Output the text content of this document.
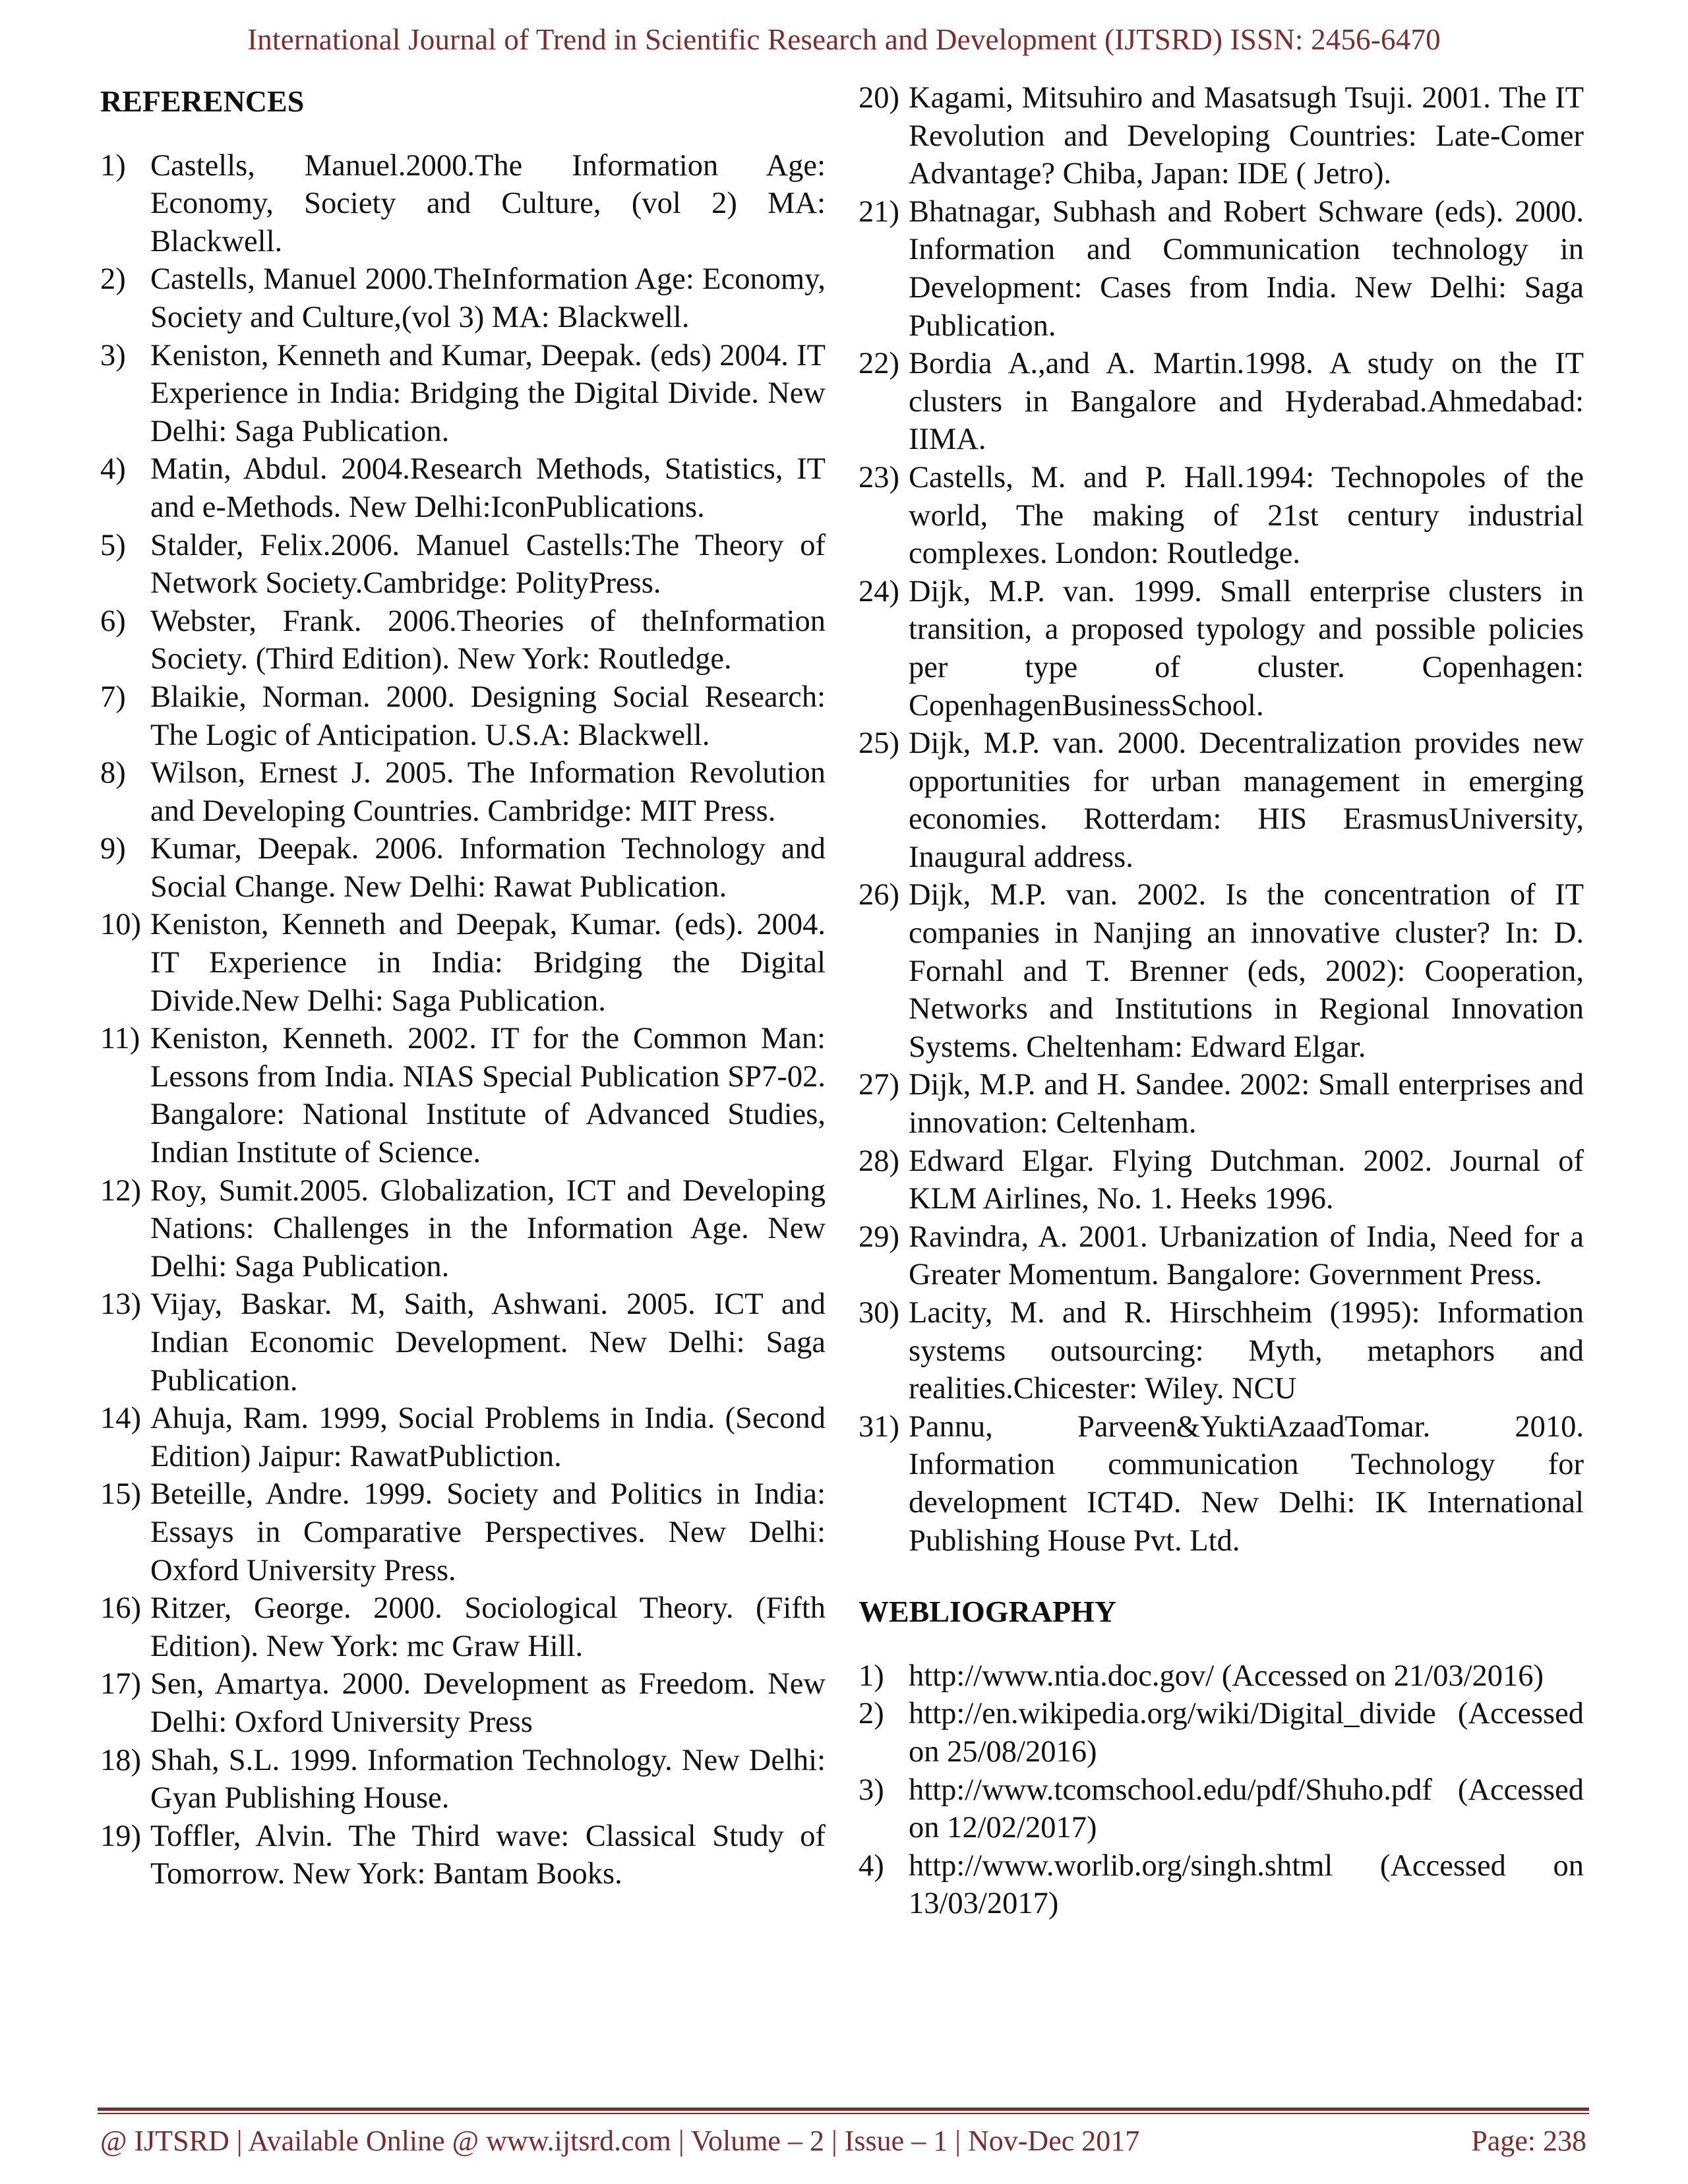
International Journal of Trend in Scientific Research and Development (IJTSRD) ISSN: 2456-6470
REFERENCES
1) Castells, Manuel.2000.The Information Age: Economy, Society and Culture, (vol 2) MA: Blackwell.
2) Castells, Manuel 2000.TheInformation Age: Economy, Society and Culture,(vol 3) MA: Blackwell.
3) Keniston, Kenneth and Kumar, Deepak. (eds) 2004. IT Experience in India: Bridging the Digital Divide. New Delhi: Saga Publication.
4) Matin, Abdul. 2004.Research Methods, Statistics, IT and e-Methods. New Delhi:IconPublications.
5) Stalder, Felix.2006. Manuel Castells:The Theory of Network Society.Cambridge: PolityPress.
6) Webster, Frank. 2006.Theories of theInformation Society. (Third Edition). New York: Routledge.
7) Blaikie, Norman. 2000. Designing Social Research: The Logic of Anticipation. U.S.A: Blackwell.
8) Wilson, Ernest J. 2005. The Information Revolution and Developing Countries. Cambridge: MIT Press.
9) Kumar, Deepak. 2006. Information Technology and Social Change. New Delhi: Rawat Publication.
10) Keniston, Kenneth and Deepak, Kumar. (eds). 2004. IT Experience in India: Bridging the Digital Divide.New Delhi: Saga Publication.
11) Keniston, Kenneth. 2002. IT for the Common Man: Lessons from India. NIAS Special Publication SP7-02. Bangalore: National Institute of Advanced Studies, Indian Institute of Science.
12) Roy, Sumit.2005. Globalization, ICT and Developing Nations: Challenges in the Information Age. New Delhi: Saga Publication.
13) Vijay, Baskar. M, Saith, Ashwani. 2005. ICT and Indian Economic Development. New Delhi: Saga Publication.
14) Ahuja, Ram. 1999, Social Problems in India. (Second Edition) Jaipur: RawatPubliction.
15) Beteille, Andre. 1999. Society and Politics in India: Essays in Comparative Perspectives. New Delhi: Oxford University Press.
16) Ritzer, George. 2000. Sociological Theory. (Fifth Edition). New York: mc Graw Hill.
17) Sen, Amartya. 2000. Development as Freedom. New Delhi: Oxford University Press
18) Shah, S.L. 1999. Information Technology. New Delhi: Gyan Publishing House.
19) Toffler, Alvin. The Third wave: Classical Study of Tomorrow. New York: Bantam Books.
20) Kagami, Mitsuhiro and Masatsugh Tsuji. 2001. The IT Revolution and Developing Countries: Late-Comer Advantage? Chiba, Japan: IDE ( Jetro).
21) Bhatnagar, Subhash and Robert Schware (eds). 2000. Information and Communication technology in Development: Cases from India. New Delhi: Saga Publication.
22) Bordia A.,and A. Martin.1998. A study on the IT clusters in Bangalore and Hyderabad.Ahmedabad: IIMA.
23) Castells, M. and P. Hall.1994: Technopoles of the world, The making of 21st century industrial complexes. London: Routledge.
24) Dijk, M.P. van. 1999. Small enterprise clusters in transition, a proposed typology and possible policies per type of cluster. Copenhagen: CopenhagenBusinessSchool.
25) Dijk, M.P. van. 2000. Decentralization provides new opportunities for urban management in emerging economies. Rotterdam: HIS ErasmusUniversity, Inaugural address.
26) Dijk, M.P. van. 2002. Is the concentration of IT companies in Nanjing an innovative cluster? In: D. Fornahl and T. Brenner (eds, 2002): Cooperation, Networks and Institutions in Regional Innovation Systems. Cheltenham: Edward Elgar.
27) Dijk, M.P. and H. Sandee. 2002: Small enterprises and innovation: Celtenham.
28) Edward Elgar. Flying Dutchman. 2002. Journal of KLM Airlines, No. 1. Heeks 1996.
29) Ravindra, A. 2001. Urbanization of India, Need for a Greater Momentum. Bangalore: Government Press.
30) Lacity, M. and R. Hirschheim (1995): Information systems outsourcing: Myth, metaphors and realities.Chicester: Wiley. NCU
31) Pannu, Parveen&YuktiAzaadTomar. 2010. Information communication Technology for development ICT4D. New Delhi: IK International Publishing House Pvt. Ltd.
WEBLIOGRAPHY
1) http://www.ntia.doc.gov/ (Accessed on 21/03/2016)
2) http://en.wikipedia.org/wiki/Digital_divide (Accessed on 25/08/2016)
3) http://www.tcomschool.edu/pdf/Shuho.pdf (Accessed on 12/02/2017)
4) http://www.worlib.org/singh.shtml (Accessed on 13/03/2017)
@ IJTSRD | Available Online @ www.ijtsrd.com | Volume – 2 | Issue – 1 | Nov-Dec 2017	Page: 238
